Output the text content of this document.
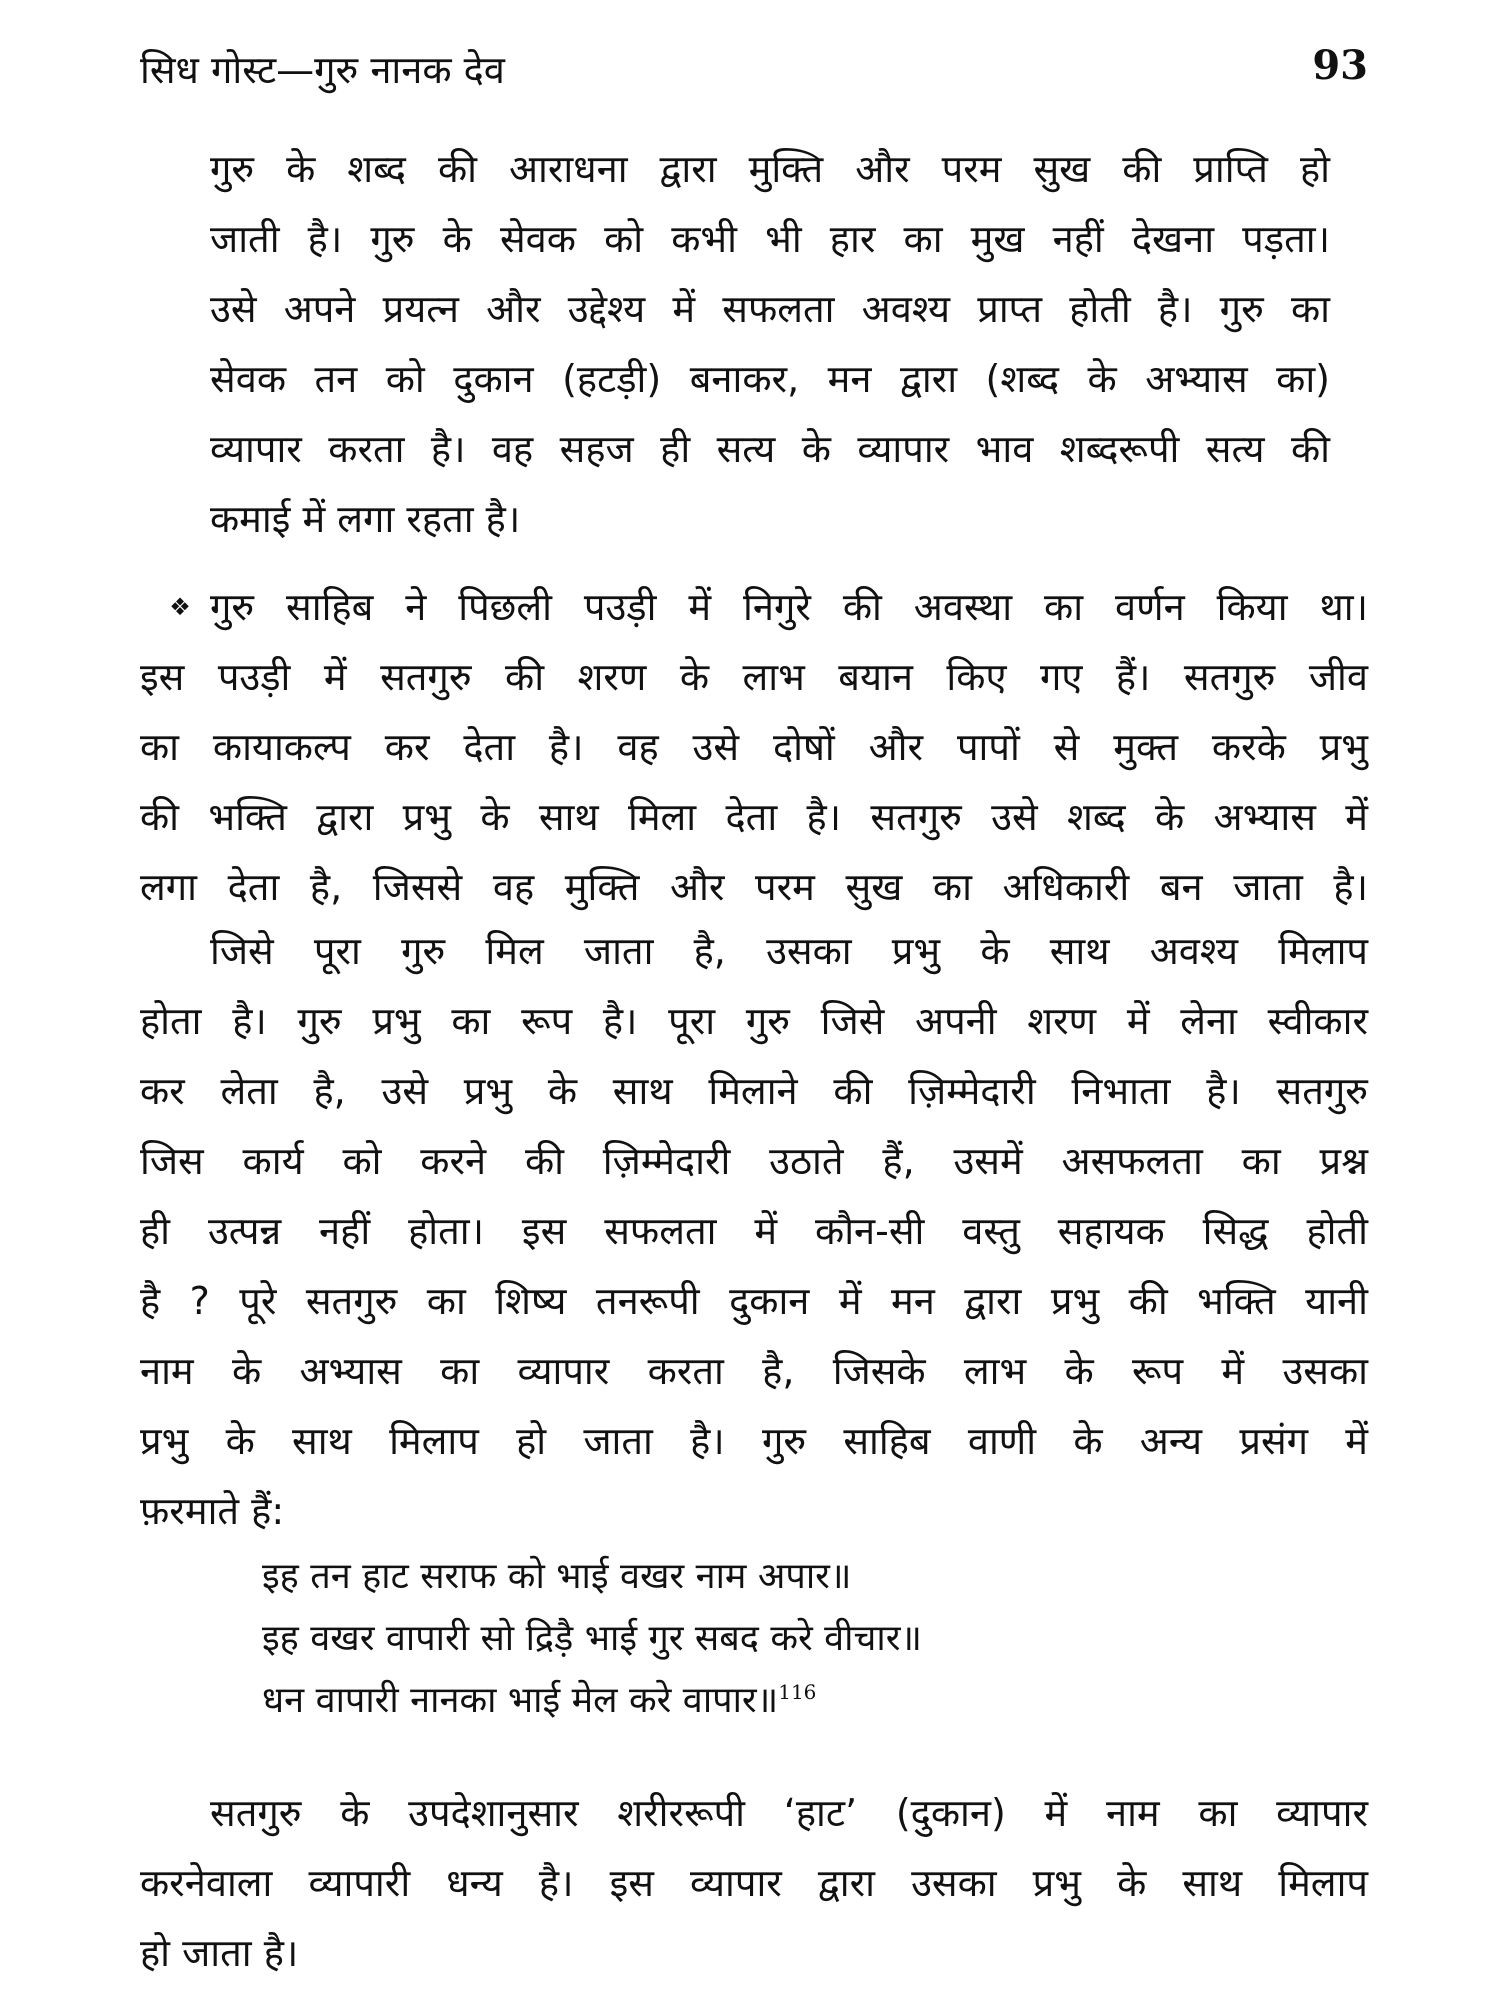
सिध गोस्ट—गुरु नानक देव	93
गुरु के शब्द की आराधना द्वारा मुक्ति और परम सुख की प्राप्ति हो
जाती है। गुरु के सेवक को कभी भी हार का मुख नहीं देखना पड़ता।
उसे अपने प्रयत्न और उद्देश्य में सफलता अवश्य प्राप्त होती है। गुरु का
सेवक तन को दुकान (हटड़ी) बनाकर, मन द्वारा (शब्द के अभ्यास का)
व्यापार करता है। वह सहज ही सत्य के व्यापार भाव शब्दरूपी सत्य की
कमाई में लगा रहता है।
❖ गुरु साहिब ने पिछली पउड़ी में निगुरे की अवस्था का वर्णन किया था।
इस पउड़ी में सतगुरु की शरण के लाभ बयान किए गए हैं। सतगुरु जीव
का कायाकल्प कर देता है। वह उसे दोषों और पापों से मुक्त करके प्रभु
की भक्ति द्वारा प्रभु के साथ मिला देता है। सतगुरु उसे शब्द के अभ्यास में
लगा देता है, जिससे वह मुक्ति और परम सुख का अधिकारी बन जाता है।
जिसे पूरा गुरु मिल जाता है, उसका प्रभु के साथ अवश्य मिलाप
होता है। गुरु प्रभु का रूप है। पूरा गुरु जिसे अपनी शरण में लेना स्वीकार
कर लेता है, उसे प्रभु के साथ मिलाने की ज़िम्मेदारी निभाता है। सतगुरु
जिस कार्य को करने की ज़िम्मेदारी उठाते हैं, उसमें असफलता का प्रश्न
ही उत्पन्न नहीं होता। इस सफलता में कौन-सी वस्तु सहायक सिद्ध होती
है ? पूरे सतगुरु का शिष्य तनरूपी दुकान में मन द्वारा प्रभु की भक्ति यानी
नाम के अभ्यास का व्यापार करता है, जिसके लाभ के रूप में उसका
प्रभु के साथ मिलाप हो जाता है। गुरु साहिब वाणी के अन्य प्रसंग में
फ़रमाते हैं:
इह तन हाट सराफ को भाई वखर नाम अपार॥
इह वखर वापारी सो द्रिड़ै भाई गुर सबद करे वीचार॥
धन वापारी नानका भाई मेल करे वापार॥$^{116}$
सतगुरु के उपदेशानुसार शरीररूपी ‘हाट’ (दुकान) में नाम का व्यापार
करनेवाला व्यापारी धन्य है। इस व्यापार द्वारा उसका प्रभु के साथ मिलाप
हो जाता है।
